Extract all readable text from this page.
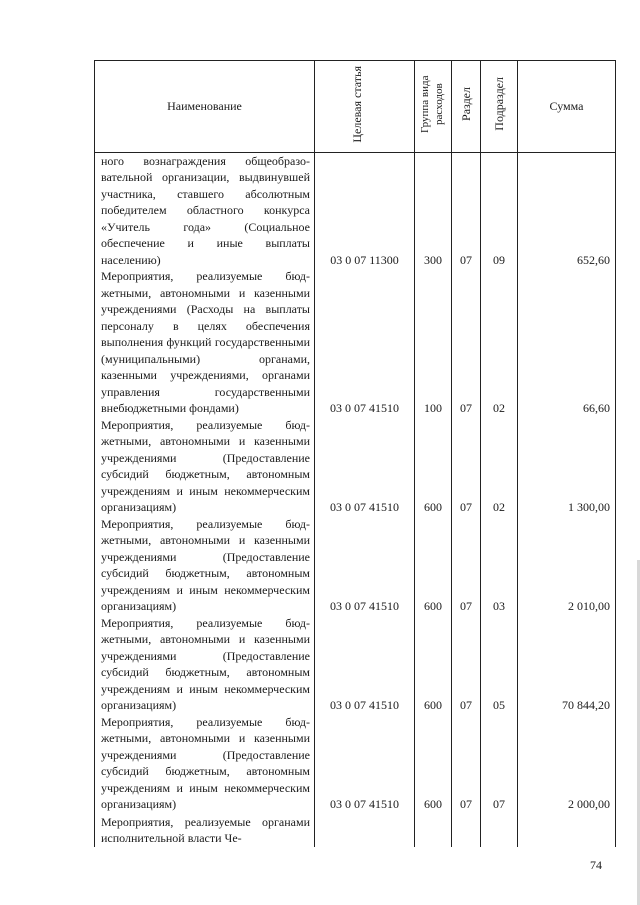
Наименование	Целевая статья	Группа вида расходов	Раздел	Подраздел	Сумма
ного вознаграждения общеобразовательной организации, выдвинувшей участника, ставшего абсолютным победителем областного конкурса «Учитель года» (Социальное обеспечение и иные выплаты населению)	03 0 07 11300	300	07	09	652,60
Мероприятия, реализуемые бюджетными, автономными и казенными учреждениями (Расходы на выплаты персоналу в целях обеспечения выполнения функций государственными (муниципальными) органами, казенными учреждениями, органами управления государственными внебюджетными фондами)	03 0 07 41510	100	07	02	66,60
Мероприятия, реализуемые бюджетными, автономными и казенными учреждениями (Предоставление субсидий бюджетным, автономным учреждениям и иным некоммерческим организациям)	03 0 07 41510	600	07	02	1 300,00
Мероприятия, реализуемые бюджетными, автономными и казенными учреждениями (Предоставление субсидий бюджетным, автономным учреждениям и иным некоммерческим организациям)	03 0 07 41510	600	07	03	2 010,00
Мероприятия, реализуемые бюджетными, автономными и казенными учреждениями (Предоставление субсидий бюджетным, автономным учреждениям и иным некоммерческим организациям)	03 0 07 41510	600	07	05	70 844,20
Мероприятия, реализуемые бюджетными, автономными и казенными учреждениями (Предоставление субсидий бюджетным, автономным учреждениям и иным некоммерческим организациям)	03 0 07 41510	600	07	07	2 000,00
Мероприятия, реализуемые органами исполнительной власти Че-					
74
